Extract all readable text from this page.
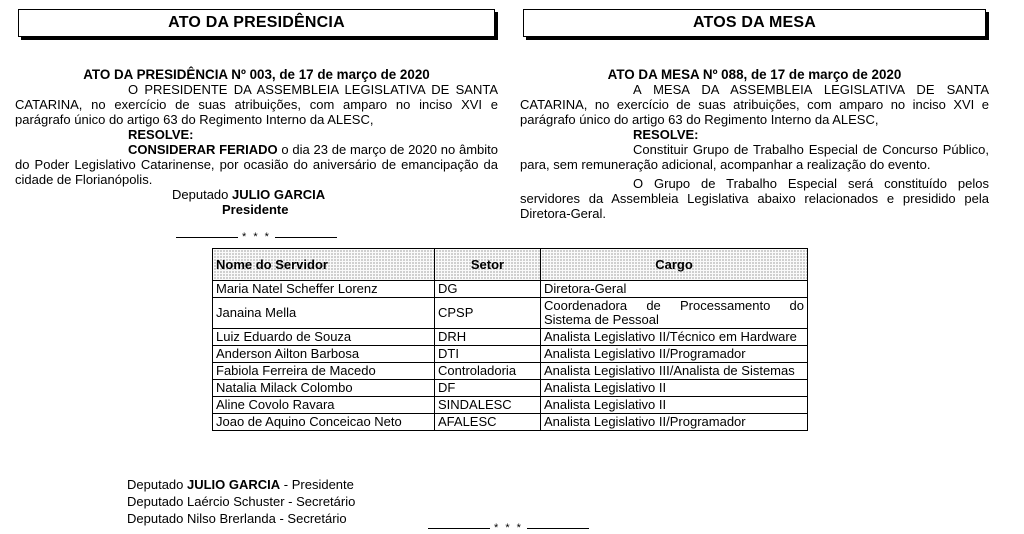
ATO DA PRESIDÊNCIA
ATO DA PRESIDÊNCIA Nº 003, de 17 de março de 2020

O PRESIDENTE DA ASSEMBLEIA LEGISLATIVA DE SANTA CATARINA, no exercício de suas atribuições, com amparo no inciso XVI e parágrafo único do artigo 63 do Regimento Interno da ALESC,

RESOLVE:

CONSIDERAR FERIADO o dia 23 de março de 2020 no âmbito do Poder Legislativo Catarinense, por ocasião do aniversário de emancipação da cidade de Florianópolis.

Deputado JULIO GARCIA
Presidente
* * *
ATOS DA MESA
ATO DA MESA Nº 088, de 17 de março de 2020

A MESA DA ASSEMBLEIA LEGISLATIVA DE SANTA CATARINA, no exercício de suas atribuições, com amparo no inciso XVI e parágrafo único do artigo 63 do Regimento Interno da ALESC,

RESOLVE:

Constituir Grupo de Trabalho Especial de Concurso Público, para, sem remuneração adicional, acompanhar a realização do evento.

O Grupo de Trabalho Especial será constituído pelos servidores da Assembleia Legislativa abaixo relacionados e presidido pela Diretora-Geral.

Nome do Servidor	Setor	Cargo
Maria Natel Scheffer Lorenz	DG	Diretora-Geral
Janaina Mella	CPSP	Coordenadora de Processamento do Sistema de Pessoal
Luiz Eduardo de Souza	DRH	Analista Legislativo II/Técnico em Hardware
Anderson Ailton Barbosa	DTI	Analista Legislativo II/Programador
Fabiola Ferreira de Macedo	Controladoria	Analista Legislativo III/Analista de Sistemas
Natalia Milack Colombo	DF	Analista Legislativo II
Aline Covolo Ravara	SINDALESC	Analista Legislativo II
Joao de Aquino Conceicao Neto	AFALESC	Analista Legislativo II/Programador
Deputado JULIO GARCIA - Presidente
Deputado Laércio Schuster - Secretário
Deputado Nilso Brerlanda - Secretário
* * *
